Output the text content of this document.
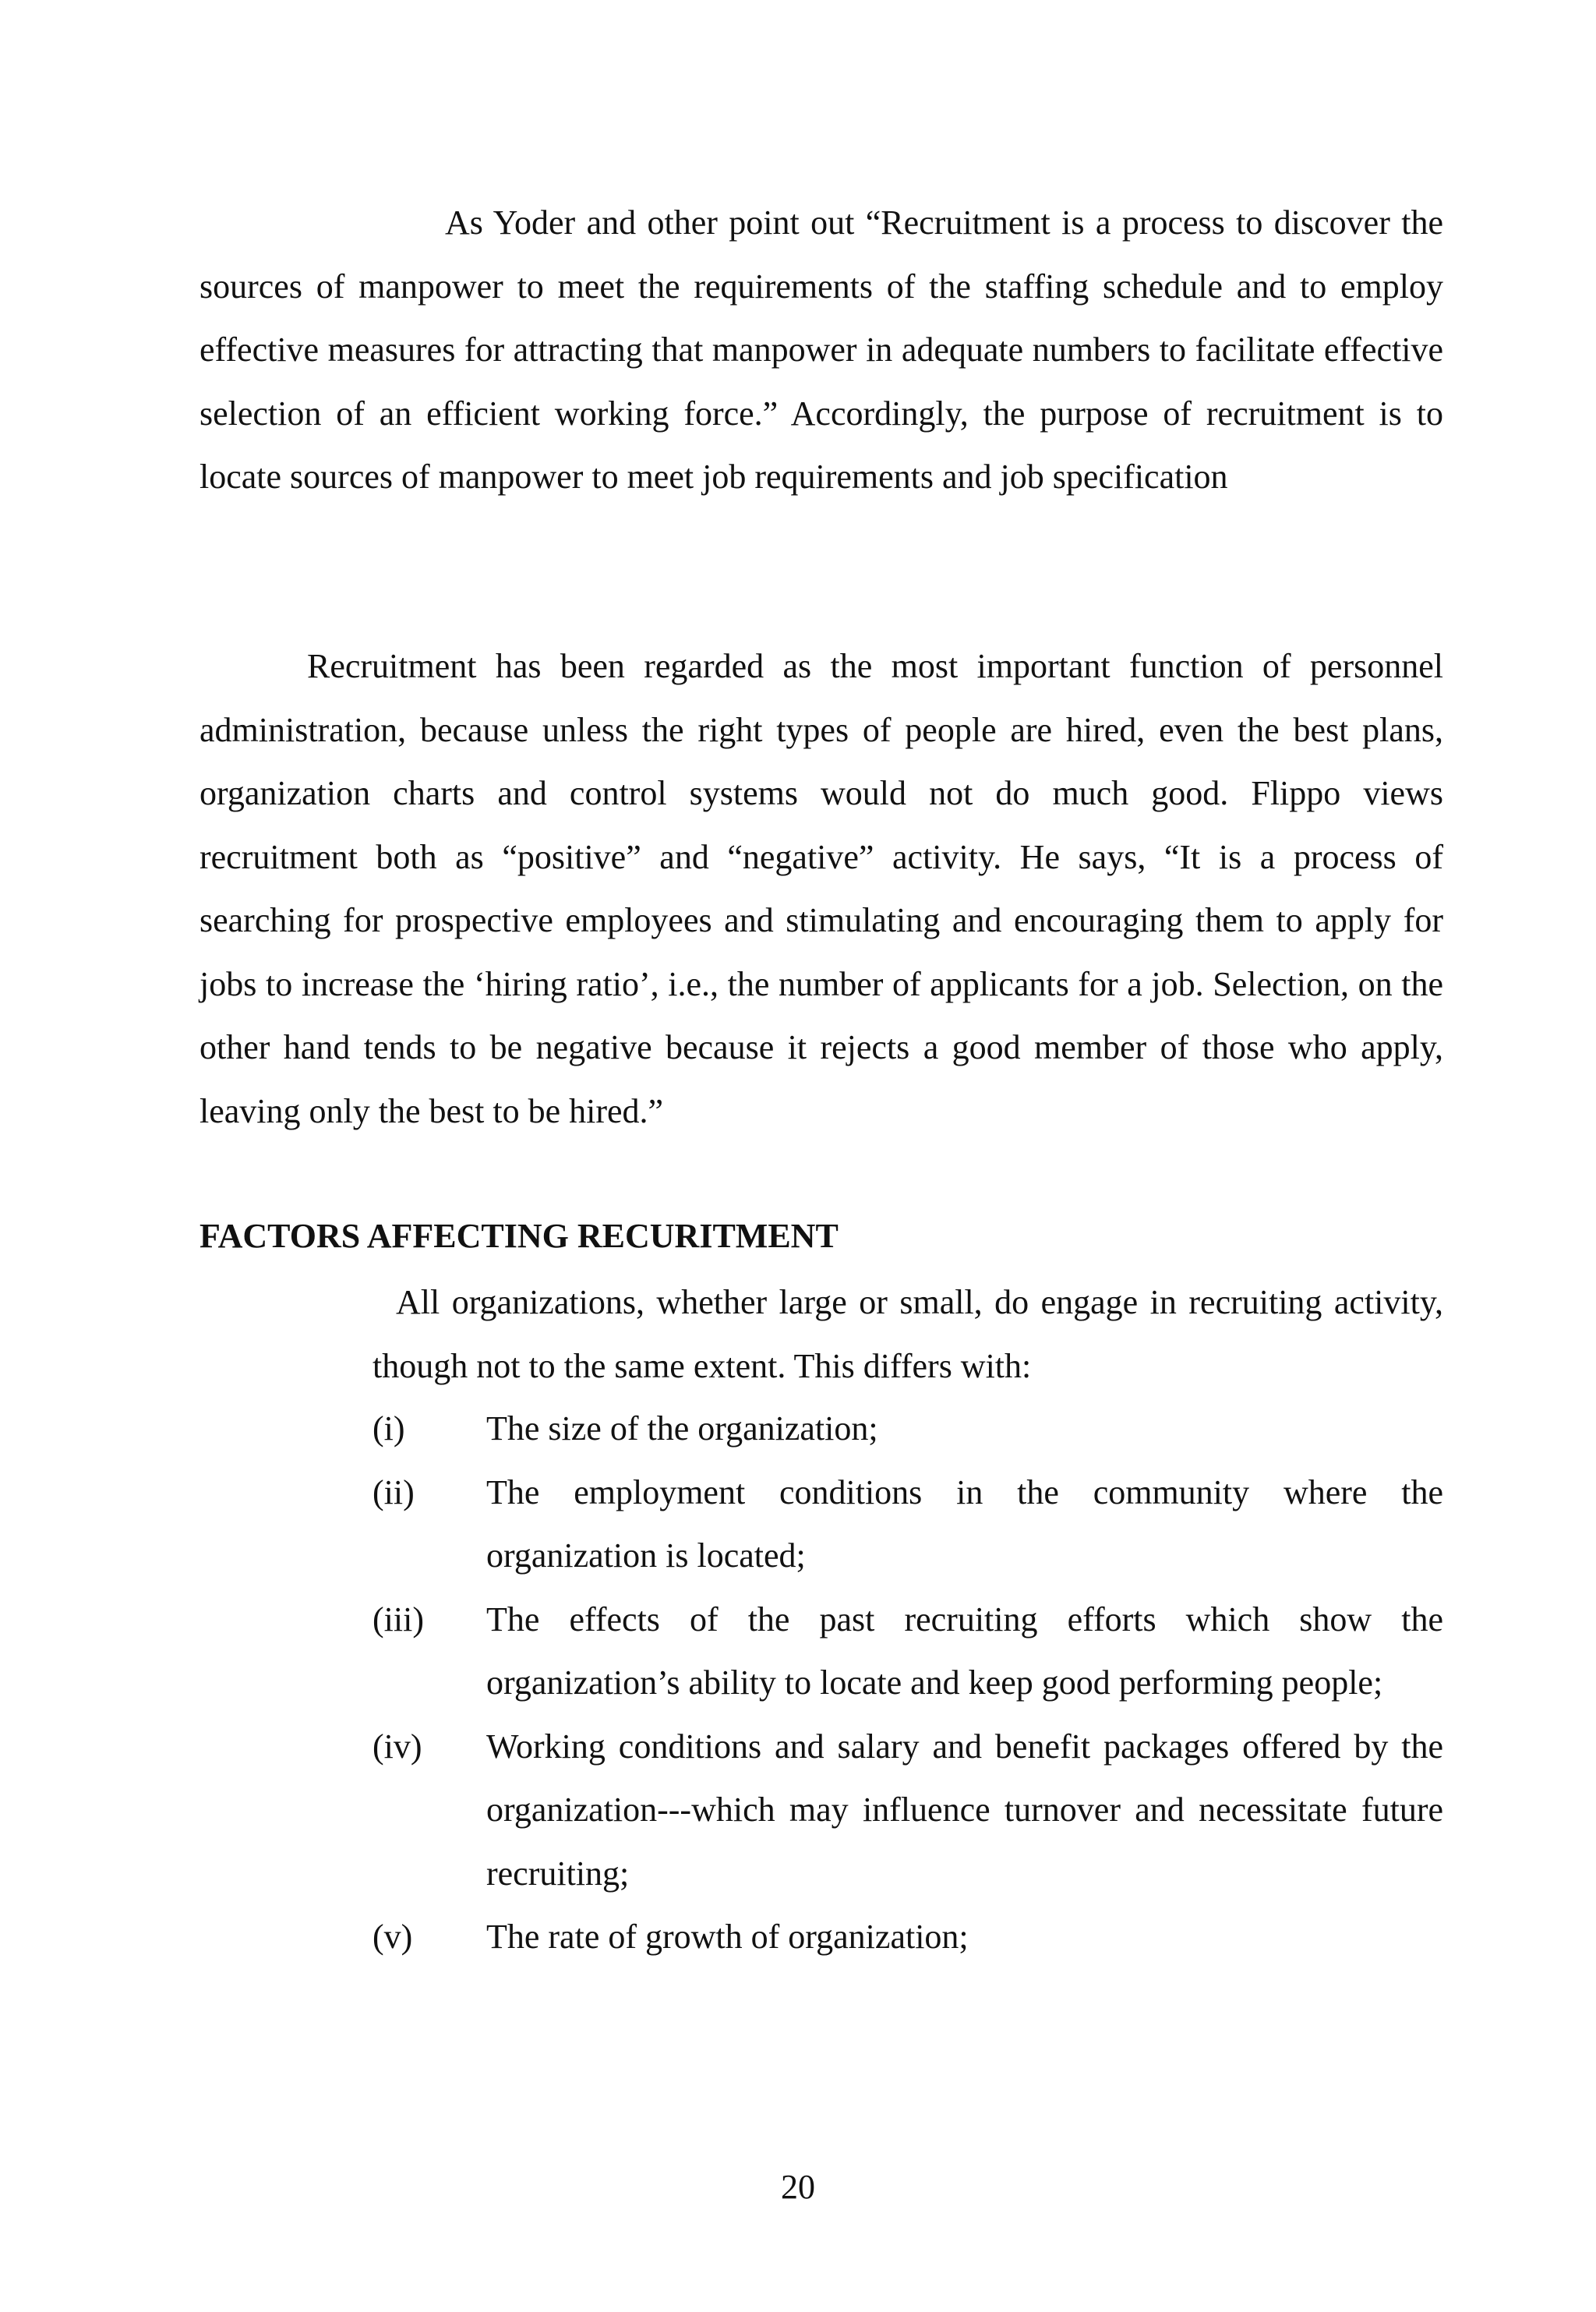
As Yoder and other point out “Recruitment is a process to discover the sources of manpower to meet the requirements of the staffing schedule and to employ effective measures for attracting that manpower in adequate numbers to facilitate effective selection of an efficient working force.” Accordingly, the purpose of recruitment is to locate sources of manpower to meet job requirements and job specification

Recruitment has been regarded as the most important function of personnel administration, because unless the right types of people are hired, even the best plans, organization charts and control systems would not do much good. Flippo views recruitment both as “positive” and “negative” activity. He says, “It is a process of searching for prospective employees and stimulating and encouraging them to apply for jobs to increase the ‘hiring ratio’, i.e., the number of applicants for a job. Selection, on the other hand tends to be negative because it rejects a good member of those who apply, leaving only the best to be hired.”

FACTORS AFFECTING RECURITMENT

All organizations, whether large or small, do engage in recruiting activity, though not to the same extent. This differs with:

(i)	The size of the organization;
(ii)	The employment conditions in the community where the organization is located;
(iii)	The effects of the past recruiting efforts which show the organization’s ability to locate and keep good performing people;
(iv)	Working conditions and salary and benefit packages offered by the organization---which may influence turnover and necessitate future recruiting;
(v)	The rate of growth of organization;
20
